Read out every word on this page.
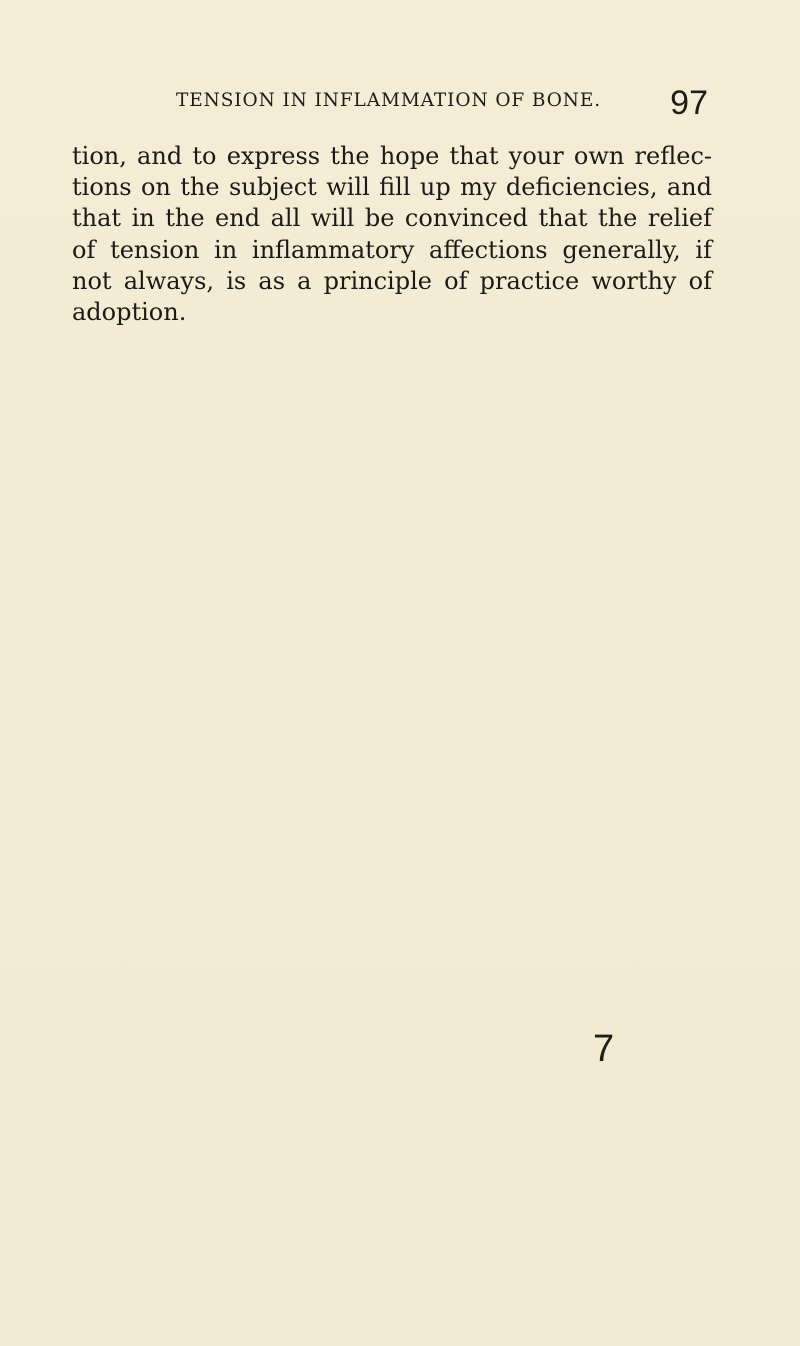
TENSION IN INFLAMMATION OF BONE. 97

tion, and to express the hope that your own reflec-
tions on the subject will fill up my deficiencies, and
that in the end all will be convinced that the relief
of tension in inflammatory affections generally, if
not always, is as a principle of practice worthy of
adoption.

7
